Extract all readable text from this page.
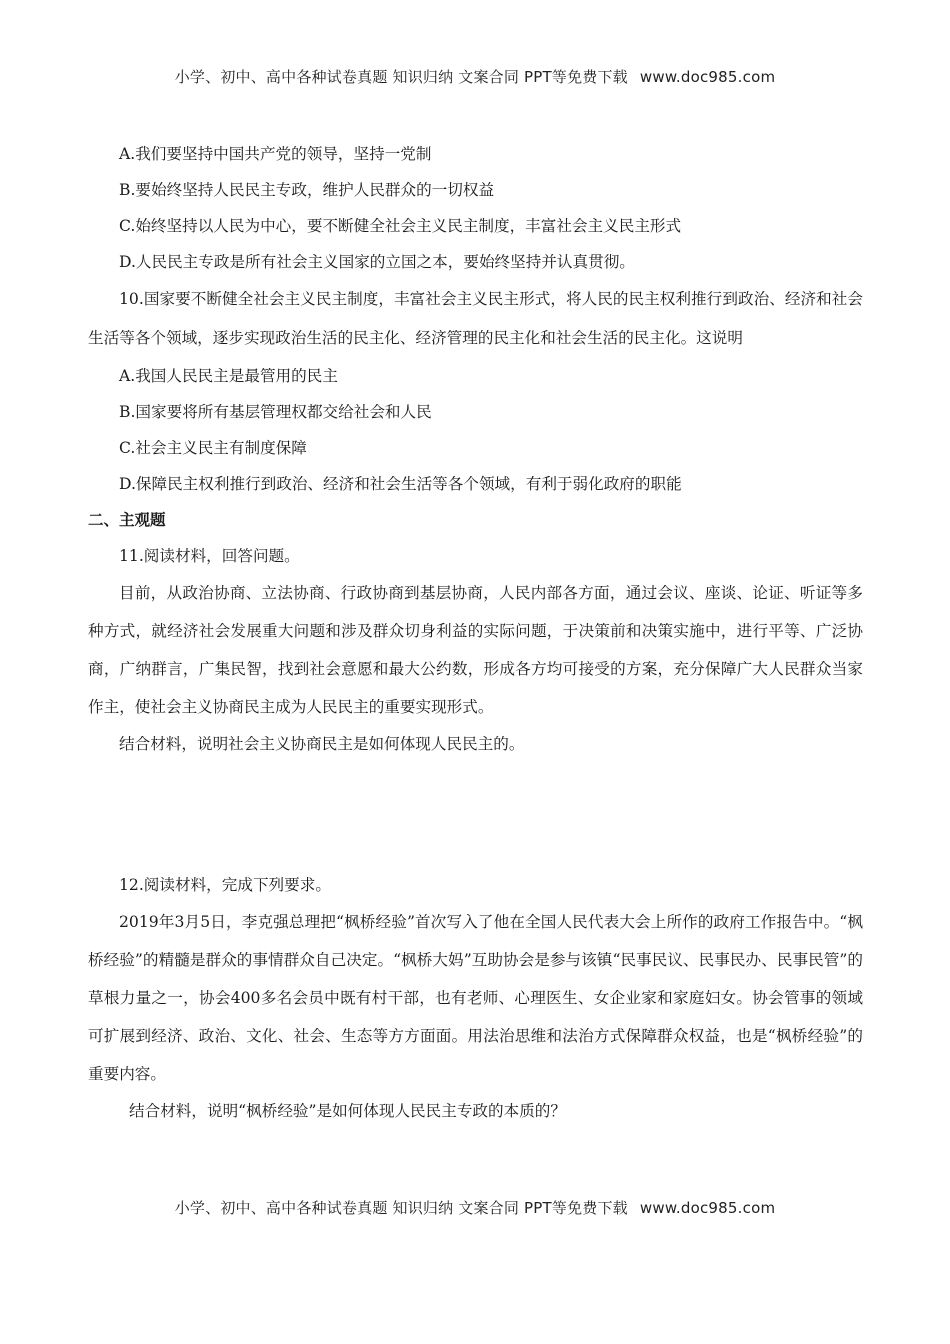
小学、初中、高中各种试卷真题 知识归纳 文案合同 PPT等免费下载 www.doc985.com

A.我们要坚持中国共产党的领导，坚持一党制

B.要始终坚持人民民主专政，维护人民群众的一切权益

C.始终坚持以人民为中心，要不断健全社会主义民主制度，丰富社会主义民主形式

D.人民民主专政是所有社会主义国家的立国之本，要始终坚持并认真贯彻。

10.国家要不断健全社会主义民主制度，丰富社会主义民主形式，将人民的民主权利推行到政治、经济和社会生活等各个领域，逐步实现政治生活的民主化、经济管理的民主化和社会生活的民主化。这说明

A.我国人民民主是最管用的民主

B.国家要将所有基层管理权都交给社会和人民

C.社会主义民主有制度保障

D.保障民主权利推行到政治、经济和社会生活等各个领域，有利于弱化政府的职能

二、主观题

11.阅读材料，回答问题。

目前，从政治协商、立法协商、行政协商到基层协商，人民内部各方面，通过会议、座谈、论证、听证等多种方式，就经济社会发展重大问题和涉及群众切身利益的实际问题，于决策前和决策实施中，进行平等、广泛协商，广纳群言，广集民智，找到社会意愿和最大公约数，形成各方均可接受的方案，充分保障广大人民群众当家作主，使社会主义协商民主成为人民民主的重要实现形式。

结合材料，说明社会主义协商民主是如何体现人民民主的。

12.阅读材料，完成下列要求。

2019年3月5日，李克强总理把“枫桥经验”首次写入了他在全国人民代表大会上所作的政府工作报告中。“枫桥经验”的精髓是群众的事情群众自己决定。“枫桥大妈”互助协会是参与该镇“民事民议、民事民办、民事民管”的草根力量之一，协会400多名会员中既有村干部，也有老师、心理医生、女企业家和家庭妇女。协会管事的领域可扩展到经济、政治、文化、社会、生态等方方面面。用法治思维和法治方式保障群众权益，也是“枫桥经验”的重要内容。

结合材料，说明“枫桥经验”是如何体现人民民主专政的本质的？

小学、初中、高中各种试卷真题 知识归纳 文案合同 PPT等免费下载 www.doc985.com
